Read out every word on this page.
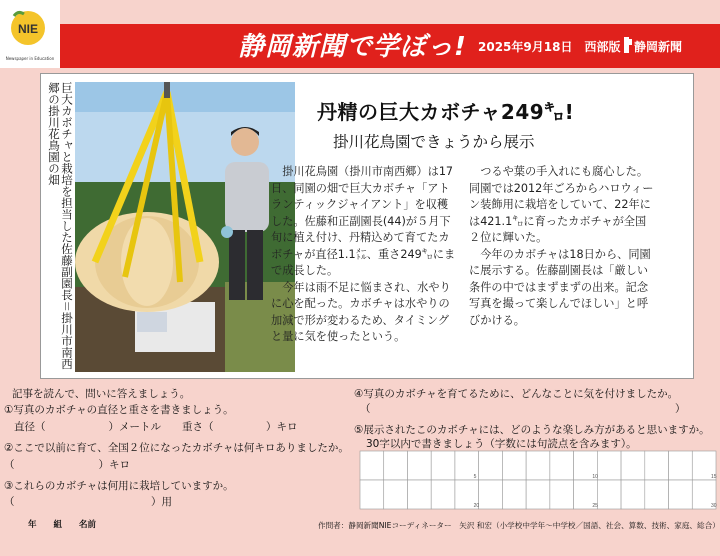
NIE
Newspaper in Education	静岡新聞で学ぼっ! 2025年9月18日　西部版 静岡新聞
巨大カボチャと栽培を担当した佐藤副園長＝掛川市南西郷の掛川花鳥園の畑	丹精の巨大カボチャ249㌔!
掛川花鳥園できょうから展示

掛川花鳥園（掛川市南西郷）は17日、同園の畑で巨大カボチャ「アトランティックジャイアント」を収穫した。佐藤和正副園長(44)が５月下旬に植え付け、丹精込めて育てたカボチャが直径1.1㍍、重さ249㌔にまで成長した。

今年は雨不足に悩まされ、水やりに心を配った。カボチャは水やりの加減で形が変わるため、タイミングと量に気を使ったという。

つるや葉の手入れにも腐心した。同園では2012年ごろからハロウィーン装飾用に栽培をしていて、22年には421.1㌔に育ったカボチャが全国２位に輝いた。

今年のカボチャは18日から、同園に展示する。佐藤副園長は「厳しい条件の中ではまずまずの出来。記念写真を撮って楽しんでほしい」と呼びかける。

記事を読んで、問いに答えましょう。
①写真のカボチャの直径と重さを書きましょう。
直径（　　　　　　）メートル　　重さ（　　　　　）キロ
②ここで以前に育て、全国２位になったカボチャは何キロありましたか。
（　　　　　　　　）キロ
③これらのカボチャは何用に栽培していますか。
（　　　　　　　　　　　　　）用
④写真のカボチャを育てるために、どんなことに気を付けましたか。
（　　　　　　　　　　　　　　　　　　　　　　　　　　　　　）
⑤展示されたこのカボチャには、どのような楽しみ方があると思いますか。
30字以内で書きましょう（字数には句読点を含みます）。
5	10	15
20	25	30
年　　組　　名前	作問者：静岡新聞NIEコーディネーター　矢沢 和宏（小学校中学年～中学校／国語、社会、算数、技術、家庭、総合）
